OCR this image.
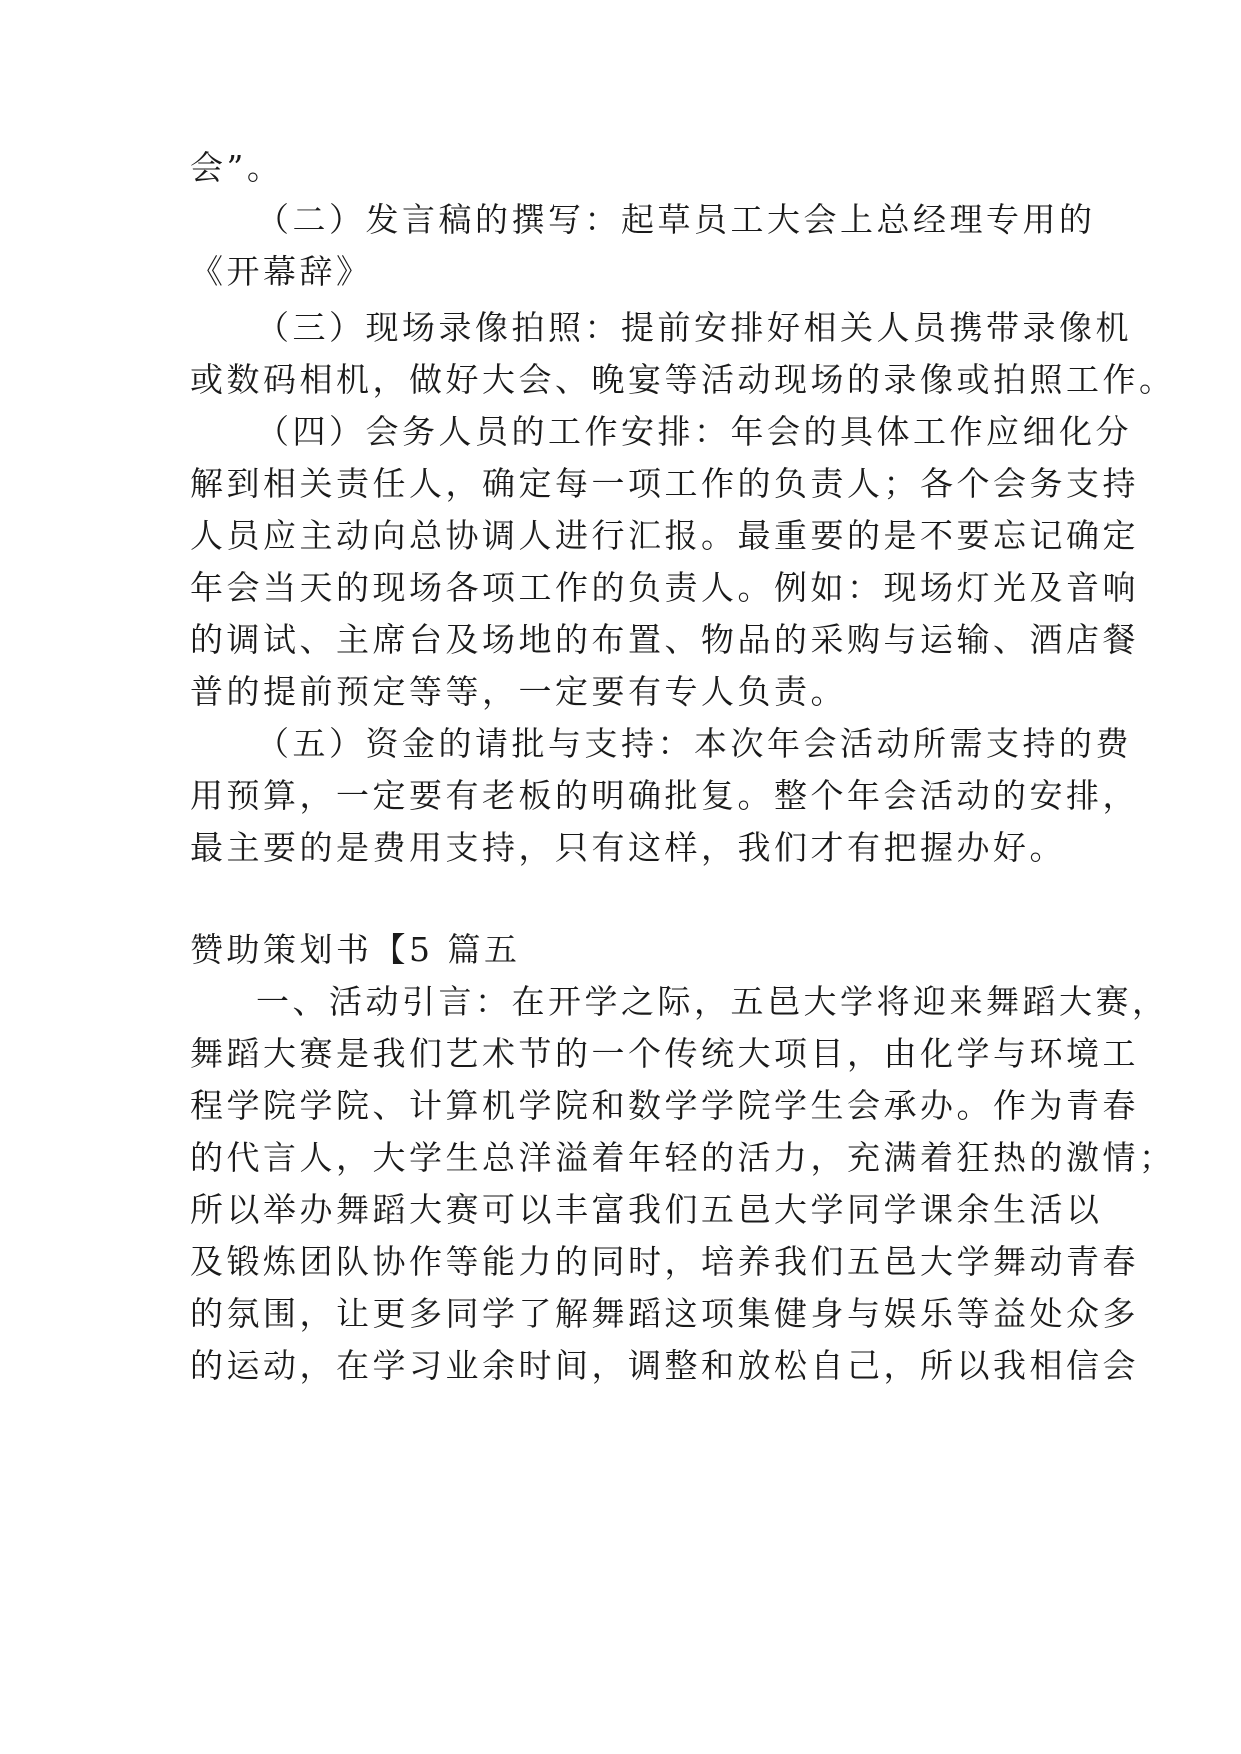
会”。
（二）发言稿的撰写：起草员工大会上总经理专用的
《开幕辞》
（三）现场录像拍照：提前安排好相关人员携带录像机
或数码相机，做好大会、晚宴等活动现场的录像或拍照工作。
（四）会务人员的工作安排：年会的具体工作应细化分
解到相关责任人，确定每一项工作的负责人；各个会务支持
人员应主动向总协调人进行汇报。最重要的是不要忘记确定
年会当天的现场各项工作的负责人。例如：现场灯光及音响
的调试、主席台及场地的布置、物品的采购与运输、酒店餐
普的提前预定等等，一定要有专人负责。
（五）资金的请批与支持：本次年会活动所需支持的费
用预算，一定要有老板的明确批复。整个年会活动的安排，
最主要的是费用支持，只有这样，我们才有把握办好。
赞助策划书【5 篇五
一、活动引言：在开学之际，五邑大学将迎来舞蹈大赛，
舞蹈大赛是我们艺术节的一个传统大项目，由化学与环境工
程学院学院、计算机学院和数学学院学生会承办。作为青春
的代言人，大学生总洋溢着年轻的活力，充满着狂热的激情；
所以举办舞蹈大赛可以丰富我们五邑大学同学课余生活以
及锻炼团队协作等能力的同时，培养我们五邑大学舞动青春
的氛围，让更多同学了解舞蹈这项集健身与娱乐等益处众多
的运动，在学习业余时间，调整和放松自己，所以我相信会
